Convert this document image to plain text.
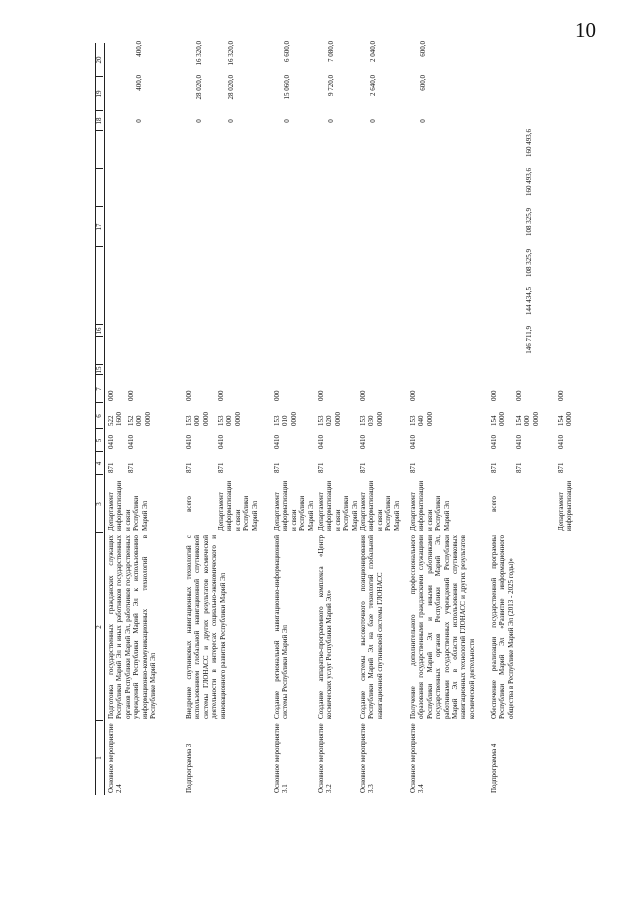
10
1
2
3
4
5
6
7
15
16
17
18
19
20
Основное мероприятие 2.4
Подготовка государственных гражданских служащих Республики Марий Эл и иных работников государственных органов Республики Марий Эл, работников государственных учреждений Республики Марий Эл к использованию информационно-коммуникационных технологий в Республике Марий Эл
Департамент информатизации и связи Республики Марий Эл
871
0410
522 1600
000
871
0410
152 000 0000
000
0
400,0
400,0
Подпрограмма 3
Внедрение спутниковых навигационных технологий с использованием глобальной навигационной спутниковой системы ГЛОНАСС и других результатов космической деятельности в интересах социально-экономического и инновационного развития Республики Марий Эл
всего
871
0410
153 000 0000
000
0
28 020,0
16 320,0
Департамент информатизации и связи Республики Марий Эл
871
0410
153 000 0000
000
0
28 020,0
16 320,0
Основное мероприятие 3.1
Создание региональной навигационно-информационной системы Республики Марий Эл
Департамент информатизации и связи Республики Марий Эл
871
0410
153 010 0000
000
0
15 060,0
6 600,0
Основное мероприятие 3.2
Создание аппаратно-программного комплекса «Центр космических услуг Республики Марий Эл»
Департамент информатизации и связи Республики Марий Эл
871
0410
153 020 0000
000
0
9 720,0
7 080,0
Основное мероприятие 3.3
Создание системы высокоточного позиционирования Республики Марий Эл на базе технологий глобальной навигационной спутниковой системы ГЛОНАСС
Департамент информатизации и связи Республики Марий Эл
871
0410
153 030 0000
000
0
2 640,0
2 040,0
Основное мероприятие 3.4
Получение дополнительного профессионального образования государственными гражданскими служащими Республики Марий Эл и иными работниками государственных органов Республики Марий Эл, работниками государственных учреждений Республики Марий Эл в области использования спутниковых навигационных технологий ГЛОНАСС и других результатов космической деятельности
Департамент информатизации и связи Республики Марий Эл
871
0410
153 040 0000
000
0
600,0
600,0
Подпрограмма 4
Обеспечение реализации государственной программы Республики Марий Эл «Развитие информационного общества в Республике Марий Эл (2013 - 2025 годы)»
всего
871
0410
154 0000
000
871
0410
154 000 0000
000
146 711,9
144 434,5
108 325,9
108 325,9
160 493,6
160 493,6
Департамент информатизации
871
0410
154 0000
000
